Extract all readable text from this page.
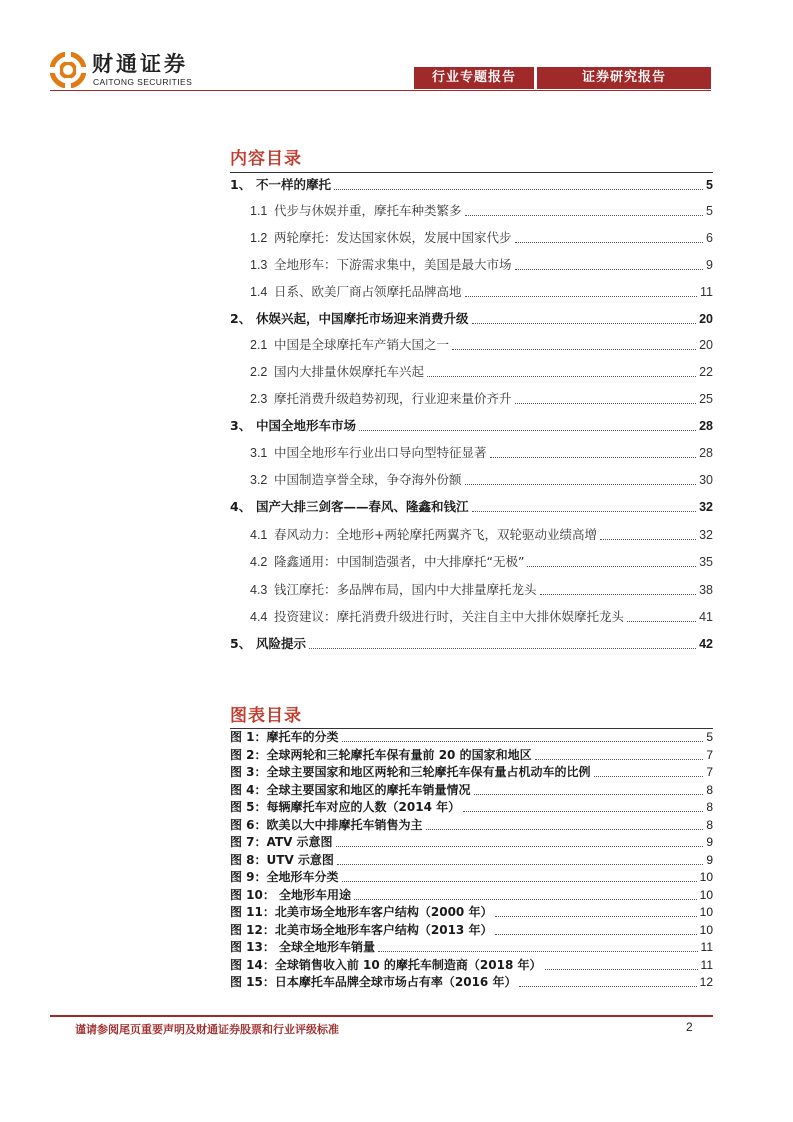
财通证券
CAITONG SECURITIES	行业专题报告	证券研究报告
内容目录
1、 不一样的摩托	5
1.1 代步与休娱并重，摩托车种类繁多	5
1.2 两轮摩托：发达国家休娱，发展中国家代步	6
1.3 全地形车：下游需求集中，美国是最大市场	9
1.4 日系、欧美厂商占领摩托品牌高地	11
2、 休娱兴起，中国摩托市场迎来消费升级	20
2.1 中国是全球摩托车产销大国之一	20
2.2 国内大排量休娱摩托车兴起	22
2.3 摩托消费升级趋势初现，行业迎来量价齐升	25
3、 中国全地形车市场	28
3.1 中国全地形车行业出口导向型特征显著	28
3.2 中国制造享誉全球，争夺海外份额	30
4、 国产大排三剑客——春风、隆鑫和钱江	32
4.1 春风动力：全地形+两轮摩托两翼齐飞，双轮驱动业绩高增	32
4.2 隆鑫通用：中国制造强者，中大排摩托“无极”	35
4.3 钱江摩托：多品牌布局，国内中大排量摩托龙头	38
4.4 投资建议：摩托消费升级进行时，关注自主中大排休娱摩托龙头	41
5、 风险提示	42
图表目录
图 1：摩托车的分类	5
图 2：全球两轮和三轮摩托车保有量前 20 的国家和地区	7
图 3：全球主要国家和地区两轮和三轮摩托车保有量占机动车的比例	7
图 4：全球主要国家和地区的摩托车销量情况	8
图 5：每辆摩托车对应的人数（2014 年）	8
图 6：欧美以大中排摩托车销售为主	8
图 7：ATV 示意图	9
图 8：UTV 示意图	9
图 9：全地形车分类	10
图 10： 全地形车用途	10
图 11：北美市场全地形车客户结构（2000 年）	10
图 12：北美市场全地形车客户结构（2013 年）	10
图 13： 全球全地形车销量	11
图 14：全球销售收入前 10 的摩托车制造商（2018 年）	11
图 15：日本摩托车品牌全球市场占有率（2016 年）	12
谨请参阅尾页重要声明及财通证券股票和行业评级标准	2
